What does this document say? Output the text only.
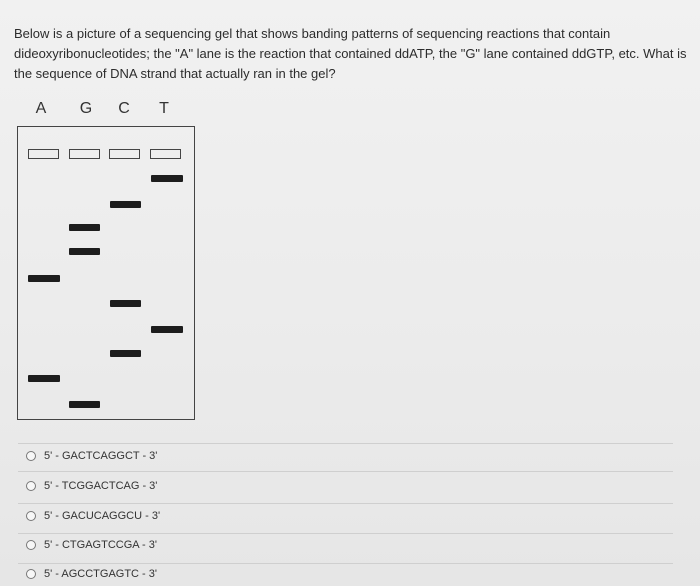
Below is a picture of a sequencing gel that shows banding patterns of sequencing reactions that contain dideoxyribonucleotides; the "A" lane is the reaction that contained ddATP, the "G" lane contained ddGTP, etc. What is the sequence of DNA strand that actually ran in the gel?
A G C	T
5' - GACTCAGGCT - 3'
5' - TCGGACTCAG - 3'
5' - GACUCAGGCU - 3'
5' - CTGAGTCCGA - 3'
5' - AGCCTGAGTC - 3'
